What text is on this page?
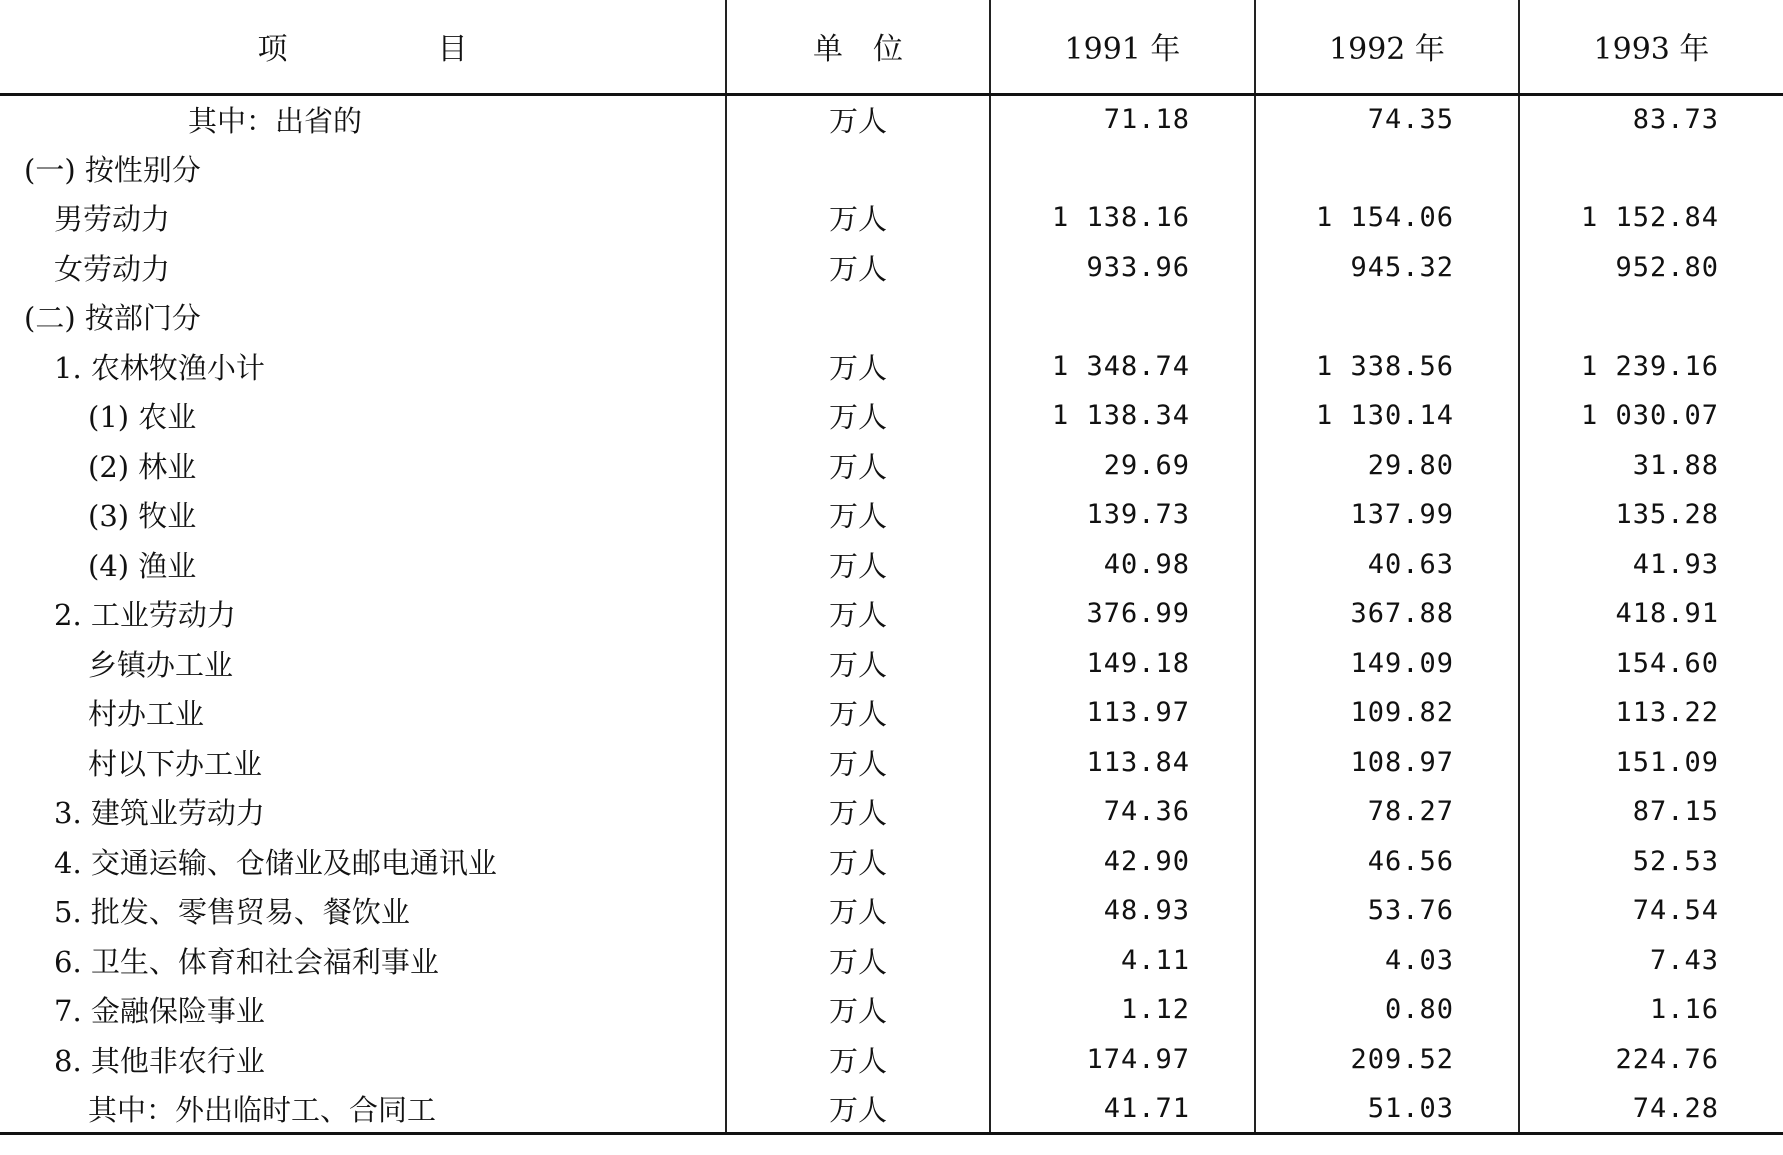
项　　　　　目	单　位	1991 年	1992 年	1993 年
其中：出省的	万人	71.18	74.35	83.73
(一) 按性别分				
男劳动力	万人	1 138.16	1 154.06	1 152.84
女劳动力	万人	933.96	945.32	952.80
(二) 按部门分				
1. 农林牧渔小计	万人	1 348.74	1 338.56	1 239.16
(1) 农业	万人	1 138.34	1 130.14	1 030.07
(2) 林业	万人	29.69	29.80	31.88
(3) 牧业	万人	139.73	137.99	135.28
(4) 渔业	万人	40.98	40.63	41.93
2. 工业劳动力	万人	376.99	367.88	418.91
乡镇办工业	万人	149.18	149.09	154.60
村办工业	万人	113.97	109.82	113.22
村以下办工业	万人	113.84	108.97	151.09
3. 建筑业劳动力	万人	74.36	78.27	87.15
4. 交通运输、仓储业及邮电通讯业	万人	42.90	46.56	52.53
5. 批发、零售贸易、餐饮业	万人	48.93	53.76	74.54
6. 卫生、体育和社会福利事业	万人	4.11	4.03	7.43
7. 金融保险事业	万人	1.12	0.80	1.16
8. 其他非农行业	万人	174.97	209.52	224.76
其中：外出临时工、合同工	万人	41.71	51.03	74.28
